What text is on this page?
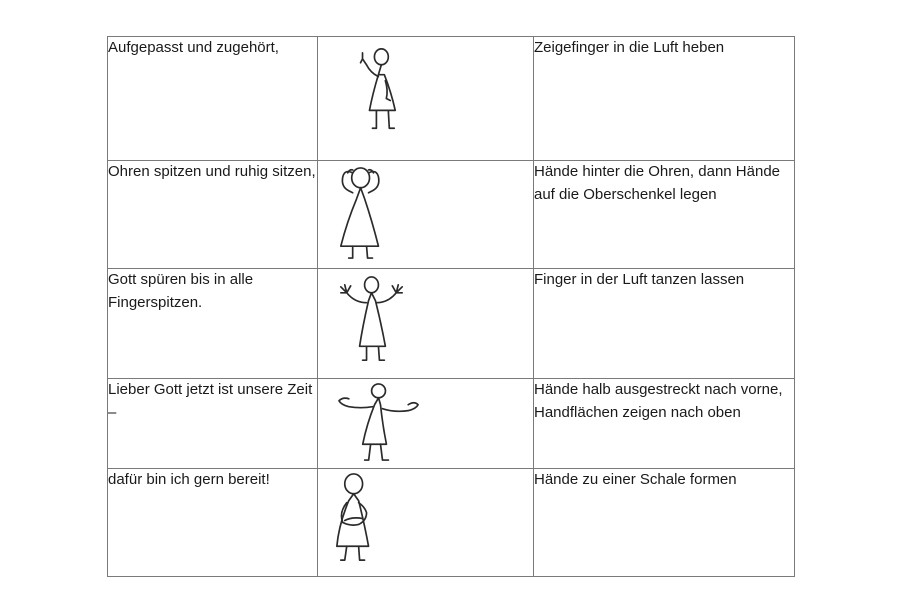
Aufgepasst und zugehört,		Zeigefinger in die Luft heben
Ohren spitzen und ruhig sitzen,		Hände hinter die Ohren, dann Hände auf die Oberschenkel legen
Gott spüren bis in alle Fingerspitzen.		Finger in der Luft tanzen lassen
Lieber Gott jetzt ist unsere Zeit –		Hände halb ausgestreckt nach vorne, Handflächen zeigen nach oben
dafür bin ich gern bereit!		Hände zu einer Schale formen
